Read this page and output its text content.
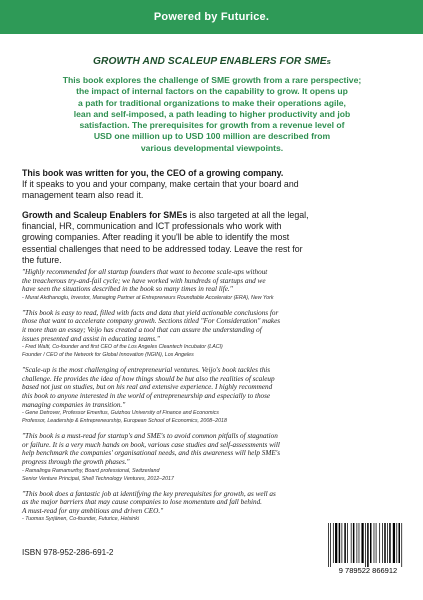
Powered by Futurice.
GROWTH AND SCALEUP ENABLERS FOR SMEs
This book explores the challenge of SME growth from a rare perspective;
the impact of internal factors on the capability to grow. It opens up
a path for traditional organizations to make their operations agile,
lean and self-imposed, a path leading to higher productivity and job
satisfaction. The prerequisites for growth from a revenue level of
USD one million up to USD 100 million are described from
various developmental viewpoints.
This book was written for you, the CEO of a growing company.
If it speaks to you and your company, make certain that your board and
management team also read it.
Growth and Scaleup Enablers for SMEs is also targeted at all the legal,
financial, HR, communication and ICT professionals who work with
growing companies. After reading it you'll be able to identify the most
essential challenges that need to be addressed today. Leave the rest for
the future.
"Highly recommended for all startup founders that want to become scale-ups without
the treacherous try-and-fail cycle; we have worked with hundreds of startups and we
have seen the situations described in the book so many times in real life."
- Murat Akdhanoglu, Investor, Managing Partner at Entrepreneurs Roundtable Accelerator (ERA), New York
"This book is easy to read, filled with facts and data that yield actionable conclusions for
those that want to accelerate company growth. Sections titled "For Consideration" makes
it more than an essay; Veijo has created a tool that can assure the understanding of
issues presented and assist in educating teams."
- Fred Walti, Co-founder and first CEO of the Los Angeles Cleantech Incubator (LACI)
Founder / CEO of the Network for Global Innovation (NGIN), Los Angeles
"Scale-up is the most challenging of entrepreneurial ventures. Veijo's book tackles this
challenge. He provides the idea of how things should be but also the realities of scaleup
based not just on studies, but on his real and extensive experience. I highly recommend
this book to anyone interested in the world of entrepreneurship and especially to those
managing companies in transition."
- Gene Detrover, Professor Emeritus, Guizhou University of Finance and Economics
Professor, Leadership & Entrepreneurship, European School of Economics, 2008–2018
"This book is a must-read for startup's and SME's to avoid common pitfalls of stagnation
or failure. It is a very much hands on book, various case studies and self-assessments will
help benchmark the companies' organisational needs, and this awareness will help SME's
progress through the growth phases."
- Ramalinga Ramamurthy, Board professional, Switzerland
Senior Venture Principal, Shell Technology Ventures, 2012–2017
"This book does a fantastic job at identifying the key prerequisites for growth, as well as
as the major barriers that may cause companies to lose momentum and fall behind.
A must-read for any ambitious and driven CEO."
- Tuomas Syrjänen, Co-founder, Futurice, Helsinki
ISBN 978-952-286-691-2
9 789522 866912
